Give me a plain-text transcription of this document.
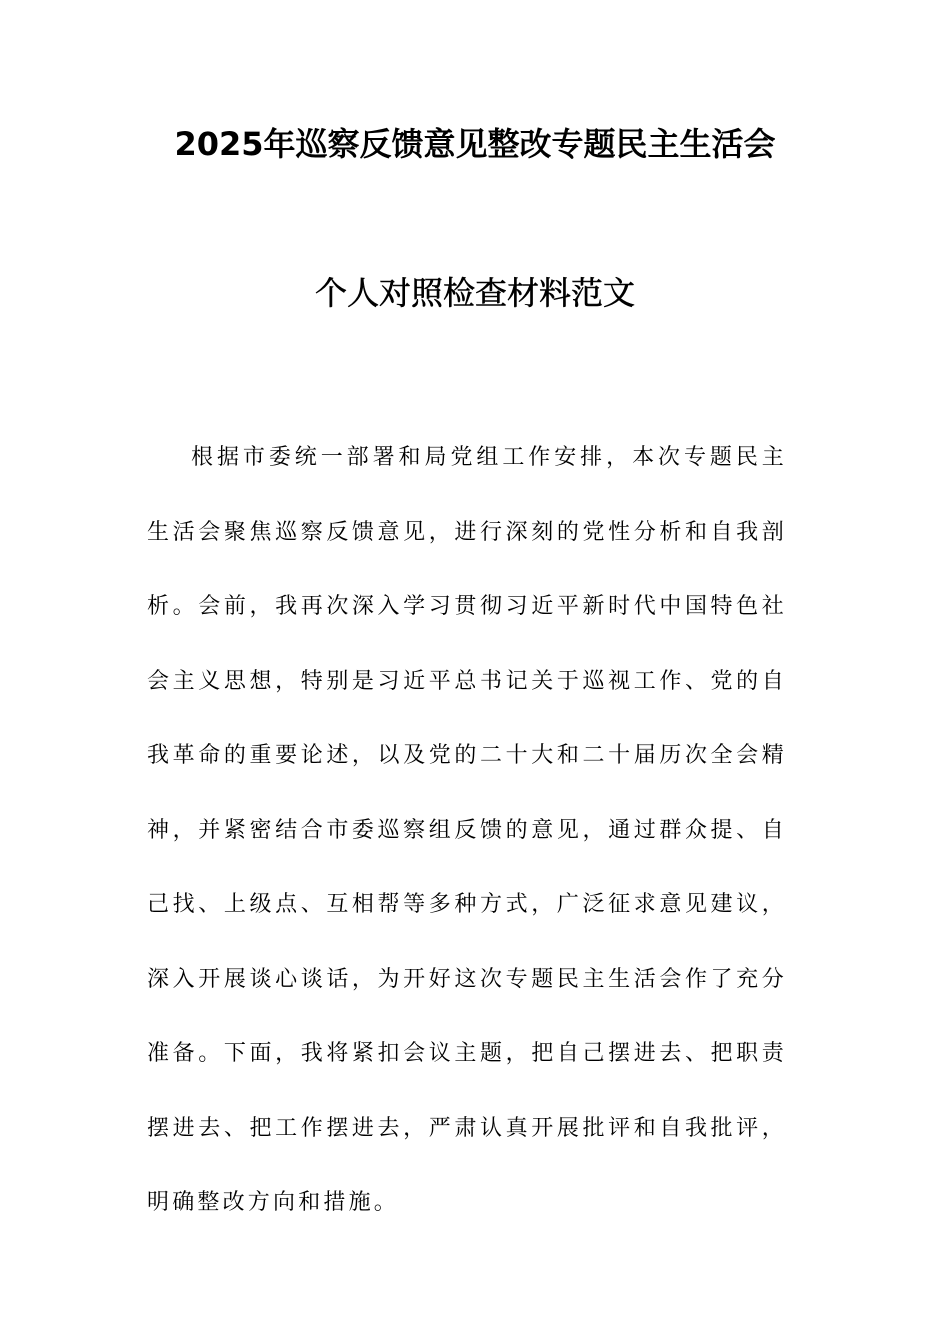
2025年巡察反馈意见整改专题民主生活会
个人对照检查材料范文

根据市委统一部署和局党组工作安排，本次专题民主生活会聚焦巡察反馈意见，进行深刻的党性分析和自我剖析。会前，我再次深入学习贯彻习近平新时代中国特色社会主义思想，特别是习近平总书记关于巡视工作、党的自我革命的重要论述，以及党的二十大和二十届历次全会精神，并紧密结合市委巡察组反馈的意见，通过群众提、自己找、上级点、互相帮等多种方式，广泛征求意见建议，深入开展谈心谈话，为开好这次专题民主生活会作了充分准备。下面，我将紧扣会议主题，把自己摆进去、把职责摆进去、把工作摆进去，严肃认真开展批评和自我批评，明确整改方向和措施。
